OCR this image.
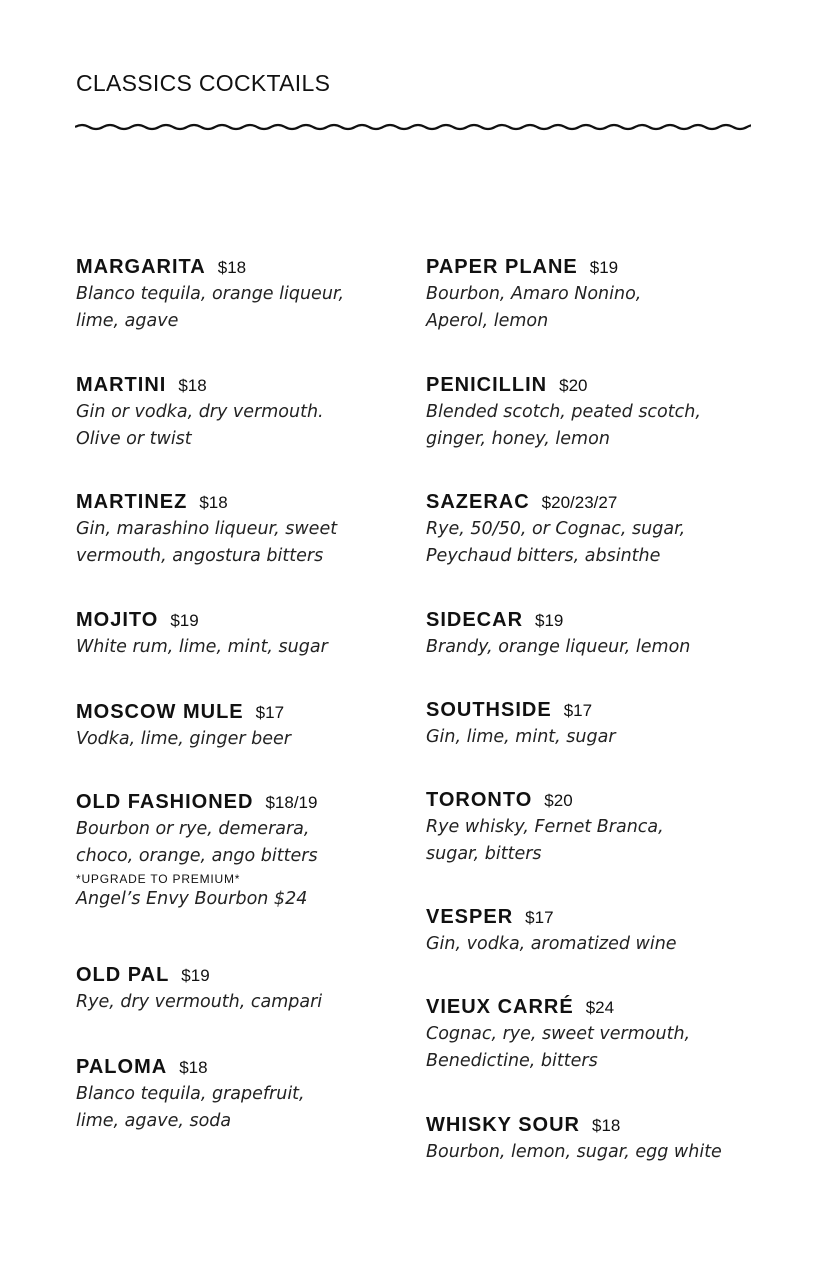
CLASSICS COCKTAILS
MARGARITA $18
Blanco tequila, orange liqueur,
lime, agave
MARTINI $18
Gin or vodka, dry vermouth.
Olive or twist
MARTINEZ $18
Gin, marashino liqueur, sweet
vermouth, angostura bitters
MOJITO $19
White rum, lime, mint, sugar
MOSCOW MULE $17
Vodka, lime, ginger beer
OLD FASHIONED $18/19
Bourbon or rye, demerara,
choco, orange, ango bitters
*UPGRADE TO PREMIUM*
Angel’s Envy Bourbon $24
OLD PAL $19
Rye, dry vermouth, campari
PALOMA $18
Blanco tequila, grapefruit,
lime, agave, soda
PAPER PLANE $19
Bourbon, Amaro Nonino,
Aperol, lemon
PENICILLIN $20
Blended scotch, peated scotch,
ginger, honey, lemon
SAZERAC $20/23/27
Rye, 50/50, or Cognac, sugar,
Peychaud bitters, absinthe
SIDECAR $19
Brandy, orange liqueur, lemon
SOUTHSIDE $17
Gin, lime, mint, sugar
TORONTO $20
Rye whisky, Fernet Branca,
sugar, bitters
VESPER $17
Gin, vodka, aromatized wine
VIEUX CARRÉ $24
Cognac, rye, sweet vermouth,
Benedictine, bitters
WHISKY SOUR $18
Bourbon, lemon, sugar, egg white
